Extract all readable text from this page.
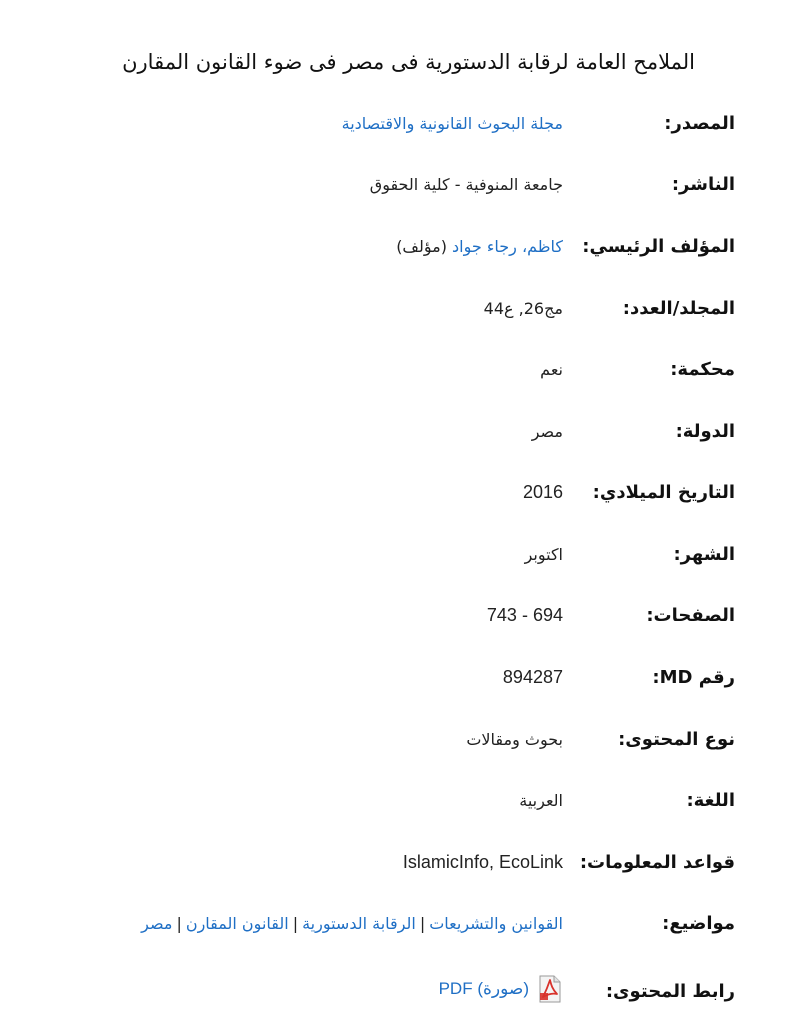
الملامح العامة لرقابة الدستورية فى مصر فى ضوء القانون المقارن
المصدر:
مجلة البحوث القانونية والاقتصادية
الناشر:
جامعة المنوفية - كلية الحقوق
المؤلف الرئيسي:
كاظم، رجاء جواد (مؤلف)
المجلد/العدد:
مج26, ع44
محكمة:
نعم
الدولة:
مصر
التاريخ الميلادي:
2016
الشهر:
اكتوبر
الصفحات:
694 - 743
رقم MD:
894287
نوع المحتوى:
بحوث ومقالات
اللغة:
العربية
قواعد المعلومات:
IslamicInfo, EcoLink
مواضيع:
القوانين والتشريعات|الرقابة الدستورية|القانون المقارن|مصر
رابط المحتوى:
PDF (صورة)
